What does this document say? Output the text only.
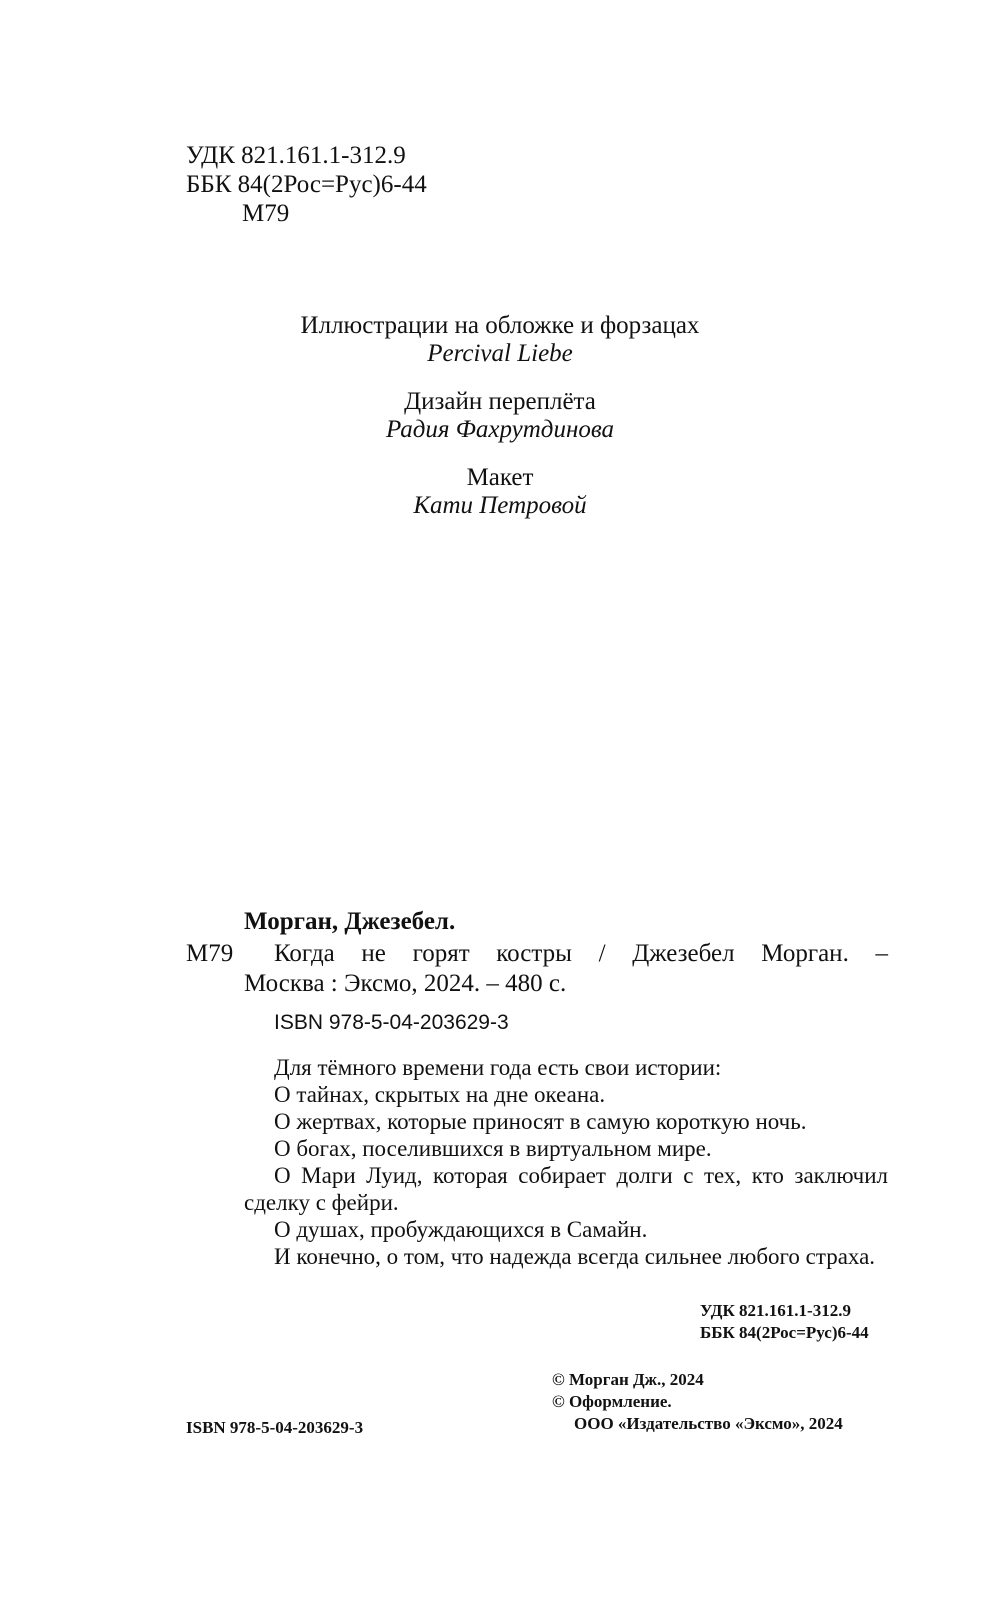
УДК 821.161.1-312.9
ББК 84(2Рос=Рус)6-44
М79
Иллюстрации на обложке и форзацах
Percival Liebe
Дизайн переплёта
Радия Фахрутдинова
Макет
Кати Петровой
Морган, Джезебел.
М79 Когда не горят костры / Джезебел Морган. –
Москва : Эксмо, 2024. – 480 с.
ISBN 978-5-04-203629-3
Для тёмного времени года есть свои истории:
О тайнах, скрытых на дне океана.
О жертвах, которые приносят в самую короткую ночь.
О богах, поселившихся в виртуальном мире.
О Мари Луид, которая собирает долги с тех, кто заключил сделку с фейри.
О душах, пробуждающихся в Самайн.
И конечно, о том, что надежда всегда сильнее любого страха.
УДК 821.161.1-312.9
ББК 84(2Рос=Рус)6-44
© Морган Дж., 2024
© Оформление.
ООО «Издательство «Эксмо», 2024
ISBN 978-5-04-203629-3
